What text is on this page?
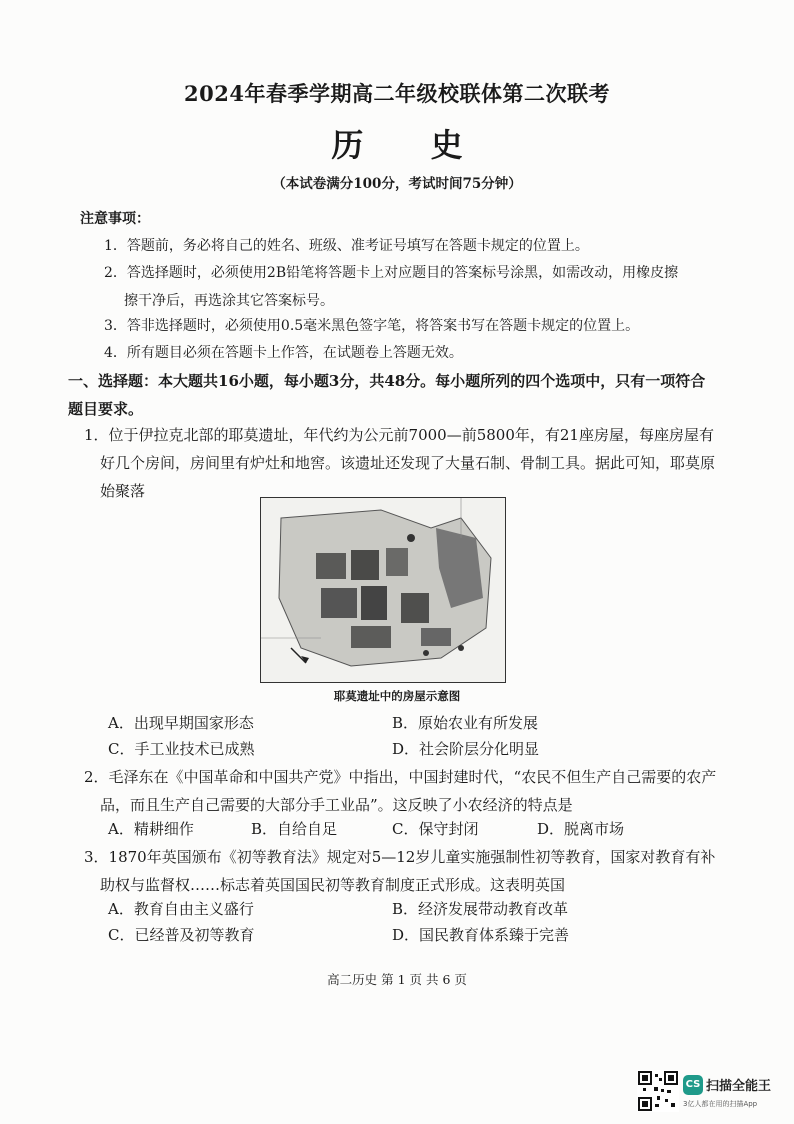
2024年春季学期高二年级校联体第二次联考
历 史
（本试卷满分100分，考试时间75分钟）
注意事项：
1．答题前，务必将自己的姓名、班级、准考证号填写在答题卡规定的位置上。
2．答选择题时，必须使用2B铅笔将答题卡上对应题目的答案标号涂黑，如需改动，用橡皮擦
擦干净后，再选涂其它答案标号。
3．答非选择题时，必须使用0.5毫米黑色签字笔，将答案书写在答题卡规定的位置上。
4．所有题目必须在答题卡上作答，在试题卷上答题无效。
一、选择题：本大题共16小题，每小题3分，共48分。每小题所列的四个选项中，只有一项符合题目要求。
1．位于伊拉克北部的耶莫遗址，年代约为公元前7000—前5800年，有21座房屋，每座房屋有好几个房间，房间里有炉灶和地窖。该遗址还发现了大量石制、骨制工具。据此可知，耶莫原始聚落
耶莫遗址中的房屋示意图
A．出现早期国家形态	B．原始农业有所发展
C．手工业技术已成熟	D．社会阶层分化明显
2．毛泽东在《中国革命和中国共产党》中指出，中国封建时代，“农民不但生产自己需要的农产品，而且生产自己需要的大部分手工业品”。这反映了小农经济的特点是
A．精耕细作	B．自给自足	C．保守封闭	D．脱离市场
3．1870年英国颁布《初等教育法》规定对5—12岁儿童实施强制性初等教育，国家对教育有补助权与监督权……标志着英国国民初等教育制度正式形成。这表明英国
A．教育自由主义盛行	B．经济发展带动教育改革
C．已经普及初等教育	D．国民教育体系臻于完善
高二历史 第 1 页 共 6 页
CS 扫描全能王
3亿人都在用的扫描App
